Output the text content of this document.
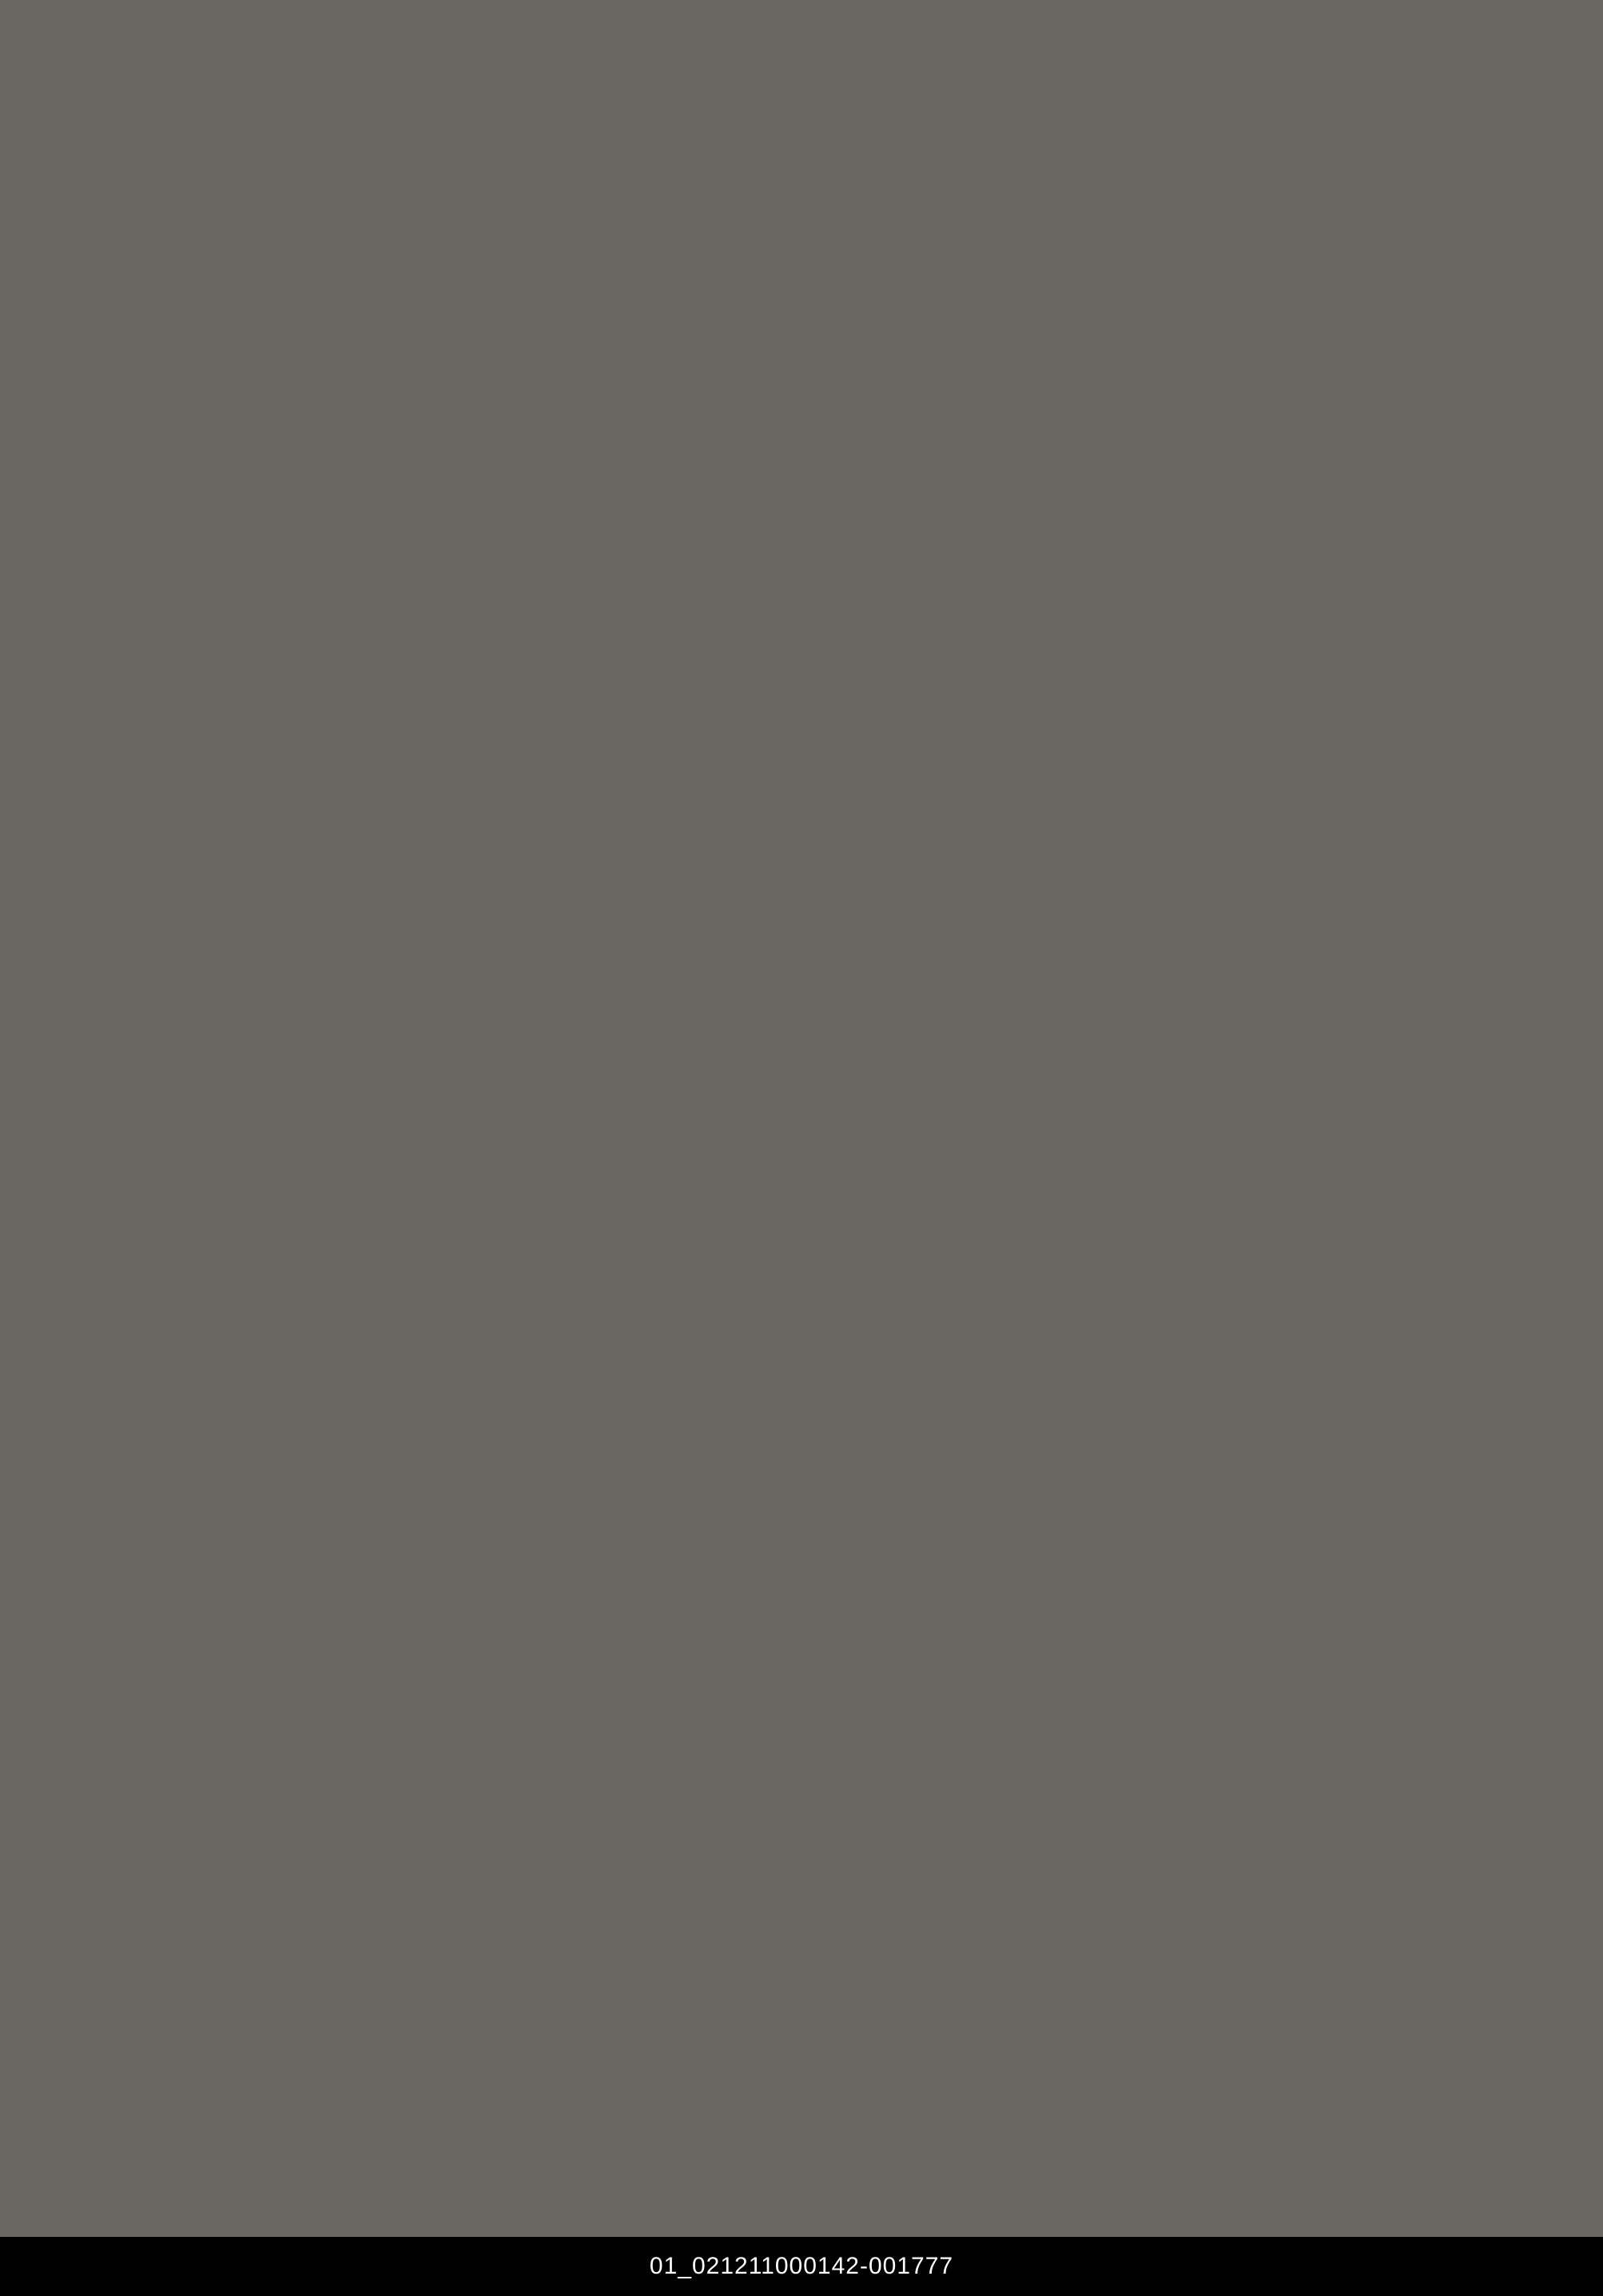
01_021211000142-001777
